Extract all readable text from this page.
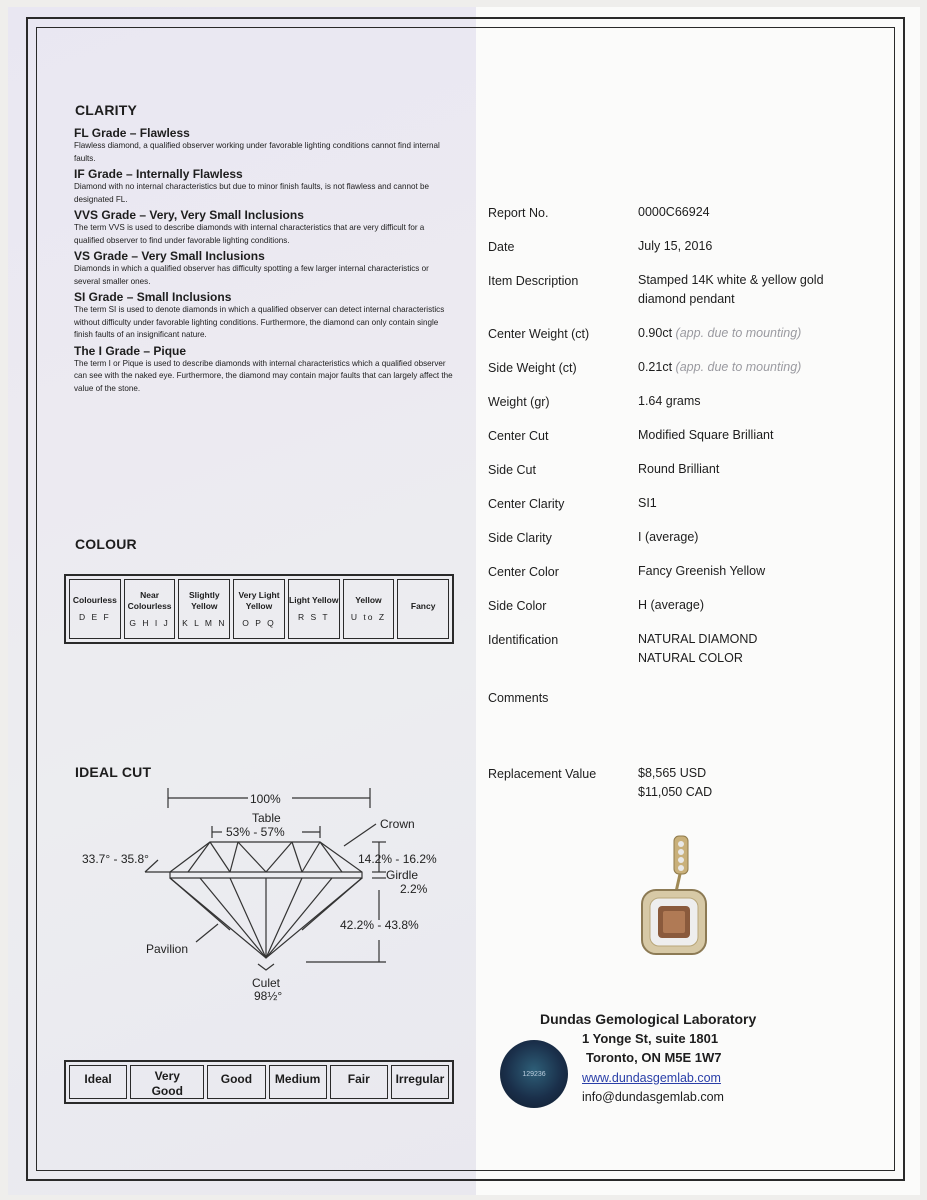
CLARITY
FL Grade – Flawless
Flawless diamond, a qualified observer working under favorable lighting conditions cannot find internal faults.
IF Grade – Internally Flawless
Diamond with no internal characteristics but due to minor finish faults, is not flawless and cannot be designated FL.
VVS Grade – Very, Very Small Inclusions
The term VVS is used to describe diamonds with internal characteristics that are very difficult for a qualified observer to find under favorable lighting conditions.
VS Grade – Very Small Inclusions
Diamonds in which a qualified observer has difficulty spotting a few larger internal characteristics or several smaller ones.
SI Grade – Small Inclusions
The term SI is used to denote diamonds in which a qualified observer can detect internal characteristics without difficulty under favorable lighting conditions. Furthermore, the diamond can only contain single finish faults of an insignificant nature.
The I Grade – Pique
The term I or Pique is used to describe diamonds with internal characteristics which a qualified observer can see with the naked eye. Furthermore, the diamond may contain major faults that can largely affect the value of the stone.
COLOUR
Colourless
D E F
Near Colourless
G H I J
Slightly Yellow
K L M N
Very Light Yellow
O P Q
Light Yellow
R S T
Yellow
U to Z
Fancy
IDEAL CUT
100%
Table
53% - 57%
Crown
33.7° - 35.8°	14.2% - 16.2%
Girdle
2.2%
42.2% - 43.8%
Pavilion
Culet
98½°
Ideal	Very Good
Good	Medium	Fair	Irregular
Report No.	0000C66924
Date	July 15, 2016
Item Description	Stamped 14K white & yellow gold diamond pendant
Center Weight (ct)	0.90ct (app. due to mounting)
Side Weight (ct)	0.21ct (app. due to mounting)
Weight (gr)	1.64 grams
Center Cut	Modified Square Brilliant
Side Cut	Round Brilliant
Center Clarity	SI1
Side Clarity	I (average)
Center Color	Fancy Greenish Yellow
Side Color	H (average)
Identification	NATURAL DIAMOND
NATURAL COLOR
Comments
Replacement Value	$8,565 USD
$11,050 CAD
129236
Dundas Gemological Laboratory
1 Yonge St, suite 1801
Toronto, ON M5E 1W7
www.dundasgemlab.com
info@dundasgemlab.com
